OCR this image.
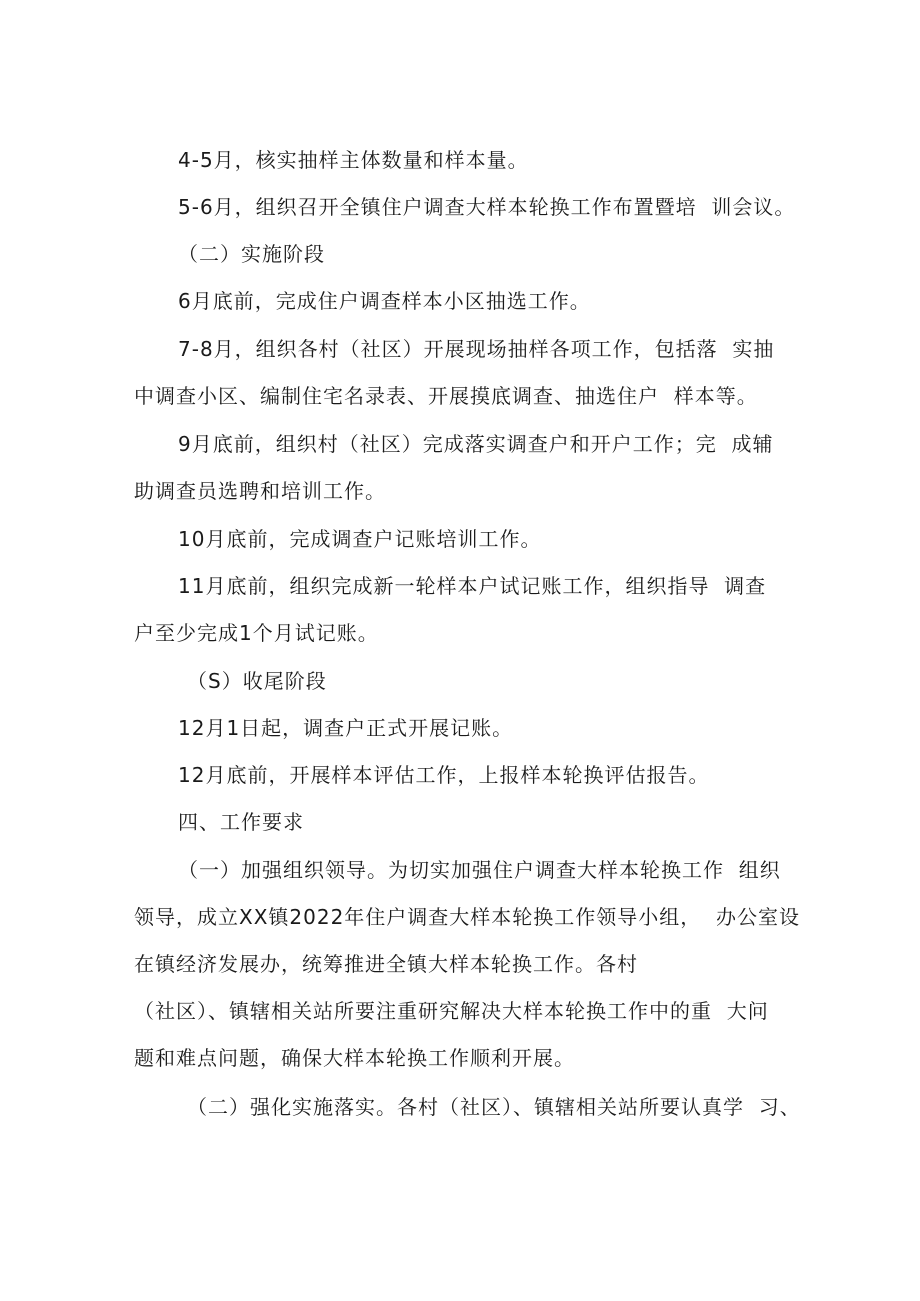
4-5月，核实抽样主体数量和样本量。
5-6月，组织召开全镇住户调查大样本轮换工作布置暨培  训会议。
（二）实施阶段
6月底前，完成住户调查样本小区抽选工作。
7-8月，组织各村（社区）开展现场抽样各项工作，包括落  实抽
中调查小区、编制住宅名录表、开展摸底调查、抽选住户  样本等。
9月底前，组织村（社区）完成落实调查户和开户工作；完  成辅
助调查员选聘和培训工作。
10月底前，完成调查户记账培训工作。
11月底前，组织完成新一轮样本户试记账工作，组织指导  调查
户至少完成1个月试记账。
（S）收尾阶段
12月1日起，调查户正式开展记账。
12月底前，开展样本评估工作，上报样本轮换评估报告。
四、工作要求
（一）加强组织领导。为切实加强住户调查大样本轮换工作  组织
领导，成立XX镇2022年住户调查大样本轮换工作领导小组，  办公室设
在镇经济发展办，统筹推进全镇大样本轮换工作。各村
（社区）、镇辖相关站所要注重研究解决大样本轮换工作中的重  大问
题和难点问题，确保大样本轮换工作顺利开展。
（二）强化实施落实。各村（社区）、镇辖相关站所要认真学  习、
